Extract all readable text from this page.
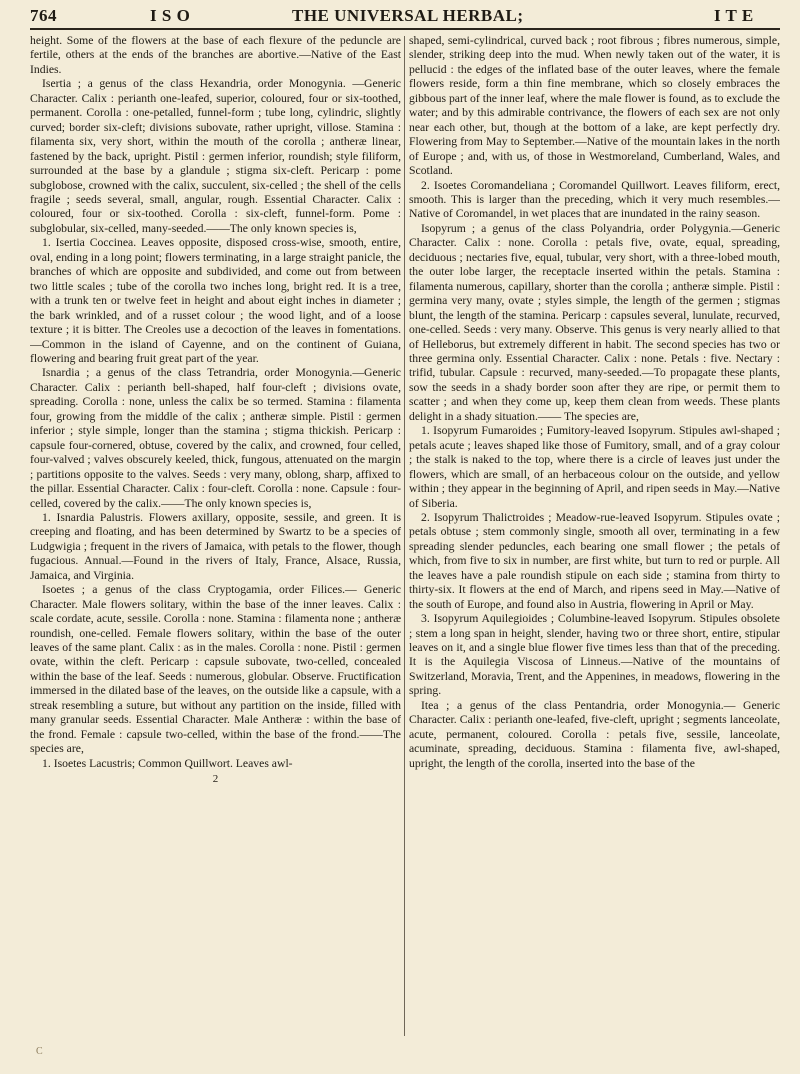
764	I S O	THE UNIVERSAL HERBAL;	I T E

height. Some of the flowers at the base of each flexure of the peduncle are fertile, others at the ends of the branches are abortive.—Native of the East Indies.

Isertia ; a genus of the class Hexandria, order Monogynia. —Generic Character. Calix : perianth one-leafed, superior, coloured, four or six-toothed, permanent. Corolla : one-petalled, funnel-form ; tube long, cylindric, slightly curved; border six-cleft; divisions subovate, rather upright, villose. Stamina : filamenta six, very short, within the mouth of the corolla ; antheræ linear, fastened by the back, upright. Pistil : germen inferior, roundish; style filiform, surrounded at the base by a glandule ; stigma six-cleft. Pericarp : pome subglobose, crowned with the calix, succulent, six-celled ; the shell of the cells fragile ; seeds several, small, angular, rough. Essential Character. Calix : coloured, four or six-toothed. Corolla : six-cleft, funnel-form. Pome : subglobular, six-celled, many-seeded.——The only known species is,

1. Isertia Coccinea. Leaves opposite, disposed cross-wise, smooth, entire, oval, ending in a long point; flowers terminating, in a large straight panicle, the branches of which are opposite and subdivided, and come out from between two little scales ; tube of the corolla two inches long, bright red. It is a tree, with a trunk ten or twelve feet in height and about eight inches in diameter ; the bark wrinkled, and of a russet colour ; the wood light, and of a loose texture ; it is bitter. The Creoles use a decoction of the leaves in fomentations. —Common in the island of Cayenne, and on the continent of Guiana, flowering and bearing fruit great part of the year.

Isnardia ; a genus of the class Tetrandria, order Monogynia.—Generic Character. Calix : perianth bell-shaped, half four-cleft ; divisions ovate, spreading. Corolla : none, unless the calix be so termed. Stamina : filamenta four, growing from the middle of the calix ; antheræ simple. Pistil : germen inferior ; style simple, longer than the stamina ; stigma thickish. Pericarp : capsule four-cornered, obtuse, covered by the calix, and crowned, four celled, four-valved ; valves obscurely keeled, thick, fungous, attenuated on the margin ; partitions opposite to the valves. Seeds : very many, oblong, sharp, affixed to the pillar. Essential Character. Calix : four-cleft. Corolla : none. Capsule : four-celled, covered by the calix.——The only known species is,

1. Isnardia Palustris. Flowers axillary, opposite, sessile, and green. It is creeping and floating, and has been determined by Swartz to be a species of Ludgwigia ; frequent in the rivers of Jamaica, with petals to the flower, though fugacious. Annual.—Found in the rivers of Italy, France, Alsace, Russia, Jamaica, and Virginia.

Isoetes ; a genus of the class Cryptogamia, order Filices.— Generic Character. Male flowers solitary, within the base of the inner leaves. Calix : scale cordate, acute, sessile. Corolla : none. Stamina : filamenta none ; antheræ roundish, one-celled. Female flowers solitary, within the base of the outer leaves of the same plant. Calix : as in the males. Corolla : none. Pistil : germen ovate, within the cleft. Pericarp : capsule subovate, two-celled, concealed within the base of the leaf. Seeds : numerous, globular. Observe. Fructification immersed in the dilated base of the leaves, on the outside like a capsule, with a streak resembling a suture, but without any partition on the inside, filled with many granular seeds. Essential Character. Male Antheræ : within the base of the frond. Female : capsule two-celled, within the base of the frond.——The species are,

1. Isoetes Lacustris; Common Quillwort. Leaves awl-

2

shaped, semi-cylindrical, curved back ; root fibrous ; fibres numerous, simple, slender, striking deep into the mud. When newly taken out of the water, it is pellucid : the edges of the inflated base of the outer leaves, where the female flowers reside, form a thin fine membrane, which so closely embraces the gibbous part of the inner leaf, where the male flower is found, as to exclude the water; and by this admirable contrivance, the flowers of each sex are not only near each other, but, though at the bottom of a lake, are kept perfectly dry. Flowering from May to September.—Native of the mountain lakes in the north of Europe ; and, with us, of those in Westmoreland, Cumberland, Wales, and Scotland.

2. Isoetes Coromandeliana ; Coromandel Quillwort. Leaves filiform, erect, smooth. This is larger than the preceding, which it very much resembles.—Native of Coromandel, in wet places that are inundated in the rainy season.

Isopyrum ; a genus of the class Polyandria, order Polygynia.—Generic Character. Calix : none. Corolla : petals five, ovate, equal, spreading, deciduous ; nectaries five, equal, tubular, very short, with a three-lobed mouth, the outer lobe larger, the receptacle inserted within the petals. Stamina : filamenta numerous, capillary, shorter than the corolla ; antheræ simple. Pistil : germina very many, ovate ; styles simple, the length of the germen ; stigmas blunt, the length of the stamina. Pericarp : capsules several, lunulate, recurved, one-celled. Seeds : very many. Observe. This genus is very nearly allied to that of Helleborus, but extremely different in habit. The second species has two or three germina only. Essential Character. Calix : none. Petals : five. Nectary : trifid, tubular. Capsule : recurved, many-seeded.—To propagate these plants, sow the seeds in a shady border soon after they are ripe, or permit them to scatter ; and when they come up, keep them clean from weeds. These plants delight in a shady situation.—— The species are,

1. Isopyrum Fumaroides ; Fumitory-leaved Isopyrum. Stipules awl-shaped ; petals acute ; leaves shaped like those of Fumitory, small, and of a gray colour ; the stalk is naked to the top, where there is a circle of leaves just under the flowers, which are small, of an herbaceous colour on the outside, and yellow within ; they appear in the beginning of April, and ripen seeds in May.—Native of Siberia.

2. Isopyrum Thalictroides ; Meadow-rue-leaved Isopyrum. Stipules ovate ; petals obtuse ; stem commonly single, smooth all over, terminating in a few spreading slender peduncles, each bearing one small flower ; the petals of which, from five to six in number, are first white, but turn to red or purple. All the leaves have a pale roundish stipule on each side ; stamina from thirty to thirty-six. It flowers at the end of March, and ripens seed in May.—Native of the south of Europe, and found also in Austria, flowering in April or May.

3. Isopyrum Aquilegioides ; Columbine-leaved Isopyrum. Stipules obsolete ; stem a long span in height, slender, having two or three short, entire, stipular leaves on it, and a single blue flower five times less than that of the preceding. It is the Aquilegia Viscosa of Linneus.—Native of the mountains of Switzerland, Moravia, Trent, and the Appenines, in meadows, flowering in the spring.

Itea ; a genus of the class Pentandria, order Monogynia.— Generic Character. Calix : perianth one-leafed, five-cleft, upright ; segments lanceolate, acute, permanent, coloured. Corolla : petals five, sessile, lanceolate, acuminate, spreading, deciduous. Stamina : filamenta five, awl-shaped, upright, the length of the corolla, inserted into the base of the

C
